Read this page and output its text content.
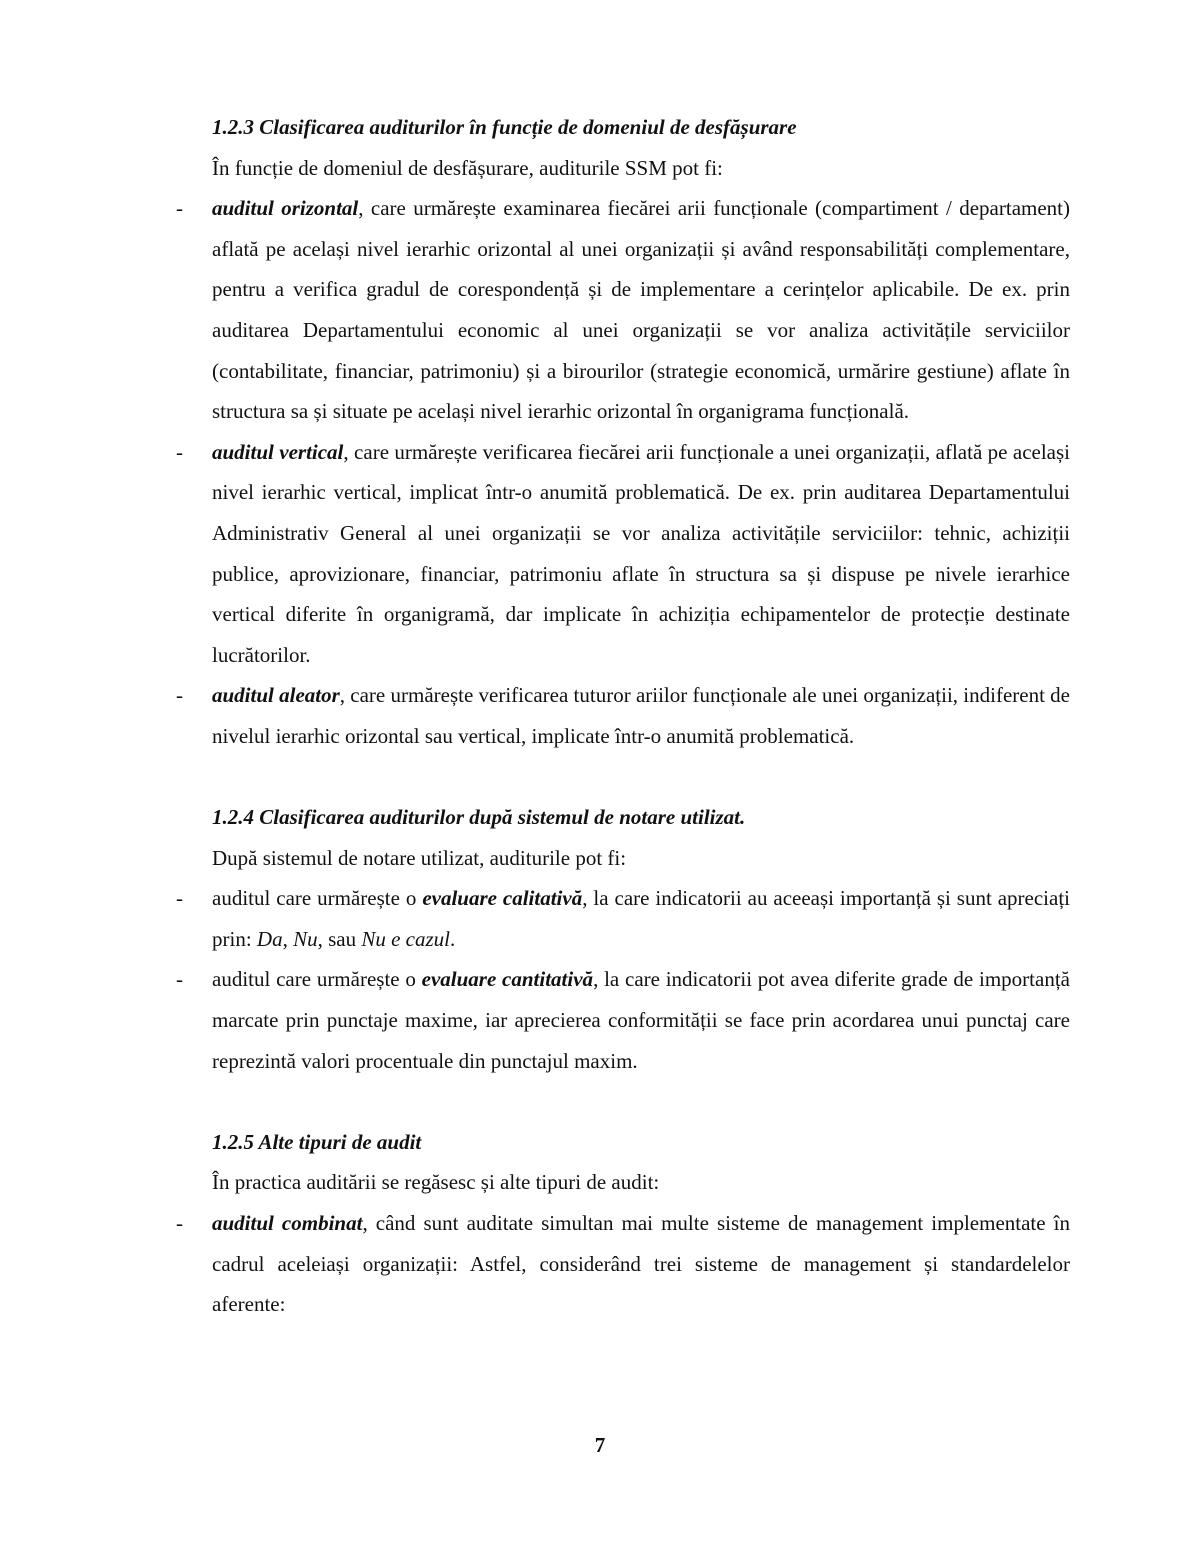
1.2.3 Clasificarea auditurilor în funcție de domeniul de desfășurare

În funcție de domeniul de desfășurare, auditurile SSM pot fi:

- auditul orizontal, care urmărește examinarea fiecărei arii funcționale (compartiment / departament) aflată pe același nivel ierarhic orizontal al unei organizații și având responsabilități complementare, pentru a verifica gradul de corespondență și de implementare a cerințelor aplicabile. De ex. prin auditarea Departamentului economic al unei organizații se vor analiza activitățile serviciilor (contabilitate, financiar, patrimoniu) și a birourilor (strategie economică, urmărire gestiune) aflate în structura sa și situate pe același nivel ierarhic orizontal în organigrama funcțională.

- auditul vertical, care urmărește verificarea fiecărei arii funcționale a unei organizații, aflată pe același nivel ierarhic vertical, implicat într-o anumită problematică. De ex. prin auditarea Departamentului Administrativ General al unei organizații se vor analiza activitățile serviciilor: tehnic, achiziții publice, aprovizionare, financiar, patrimoniu aflate în structura sa și dispuse pe nivele ierarhice vertical diferite în organigramă, dar implicate în achiziția echipamentelor de protecție destinate lucrătorilor.

- auditul aleator, care urmărește verificarea tuturor ariilor funcționale ale unei organizații, indiferent de nivelul ierarhic orizontal sau vertical, implicate într-o anumită problematică.

1.2.4 Clasificarea auditurilor după sistemul de notare utilizat.

După sistemul de notare utilizat, auditurile pot fi:

- auditul care urmărește o evaluare calitativă, la care indicatorii au aceeași importanță și sunt apreciați prin: Da, Nu, sau Nu e cazul.

- auditul care urmărește o evaluare cantitativă, la care indicatorii pot avea diferite grade de importanță marcate prin punctaje maxime, iar aprecierea conformității se face prin acordarea unui punctaj care reprezintă valori procentuale din punctajul maxim.

1.2.5 Alte tipuri de audit

În practica auditării se regăsesc și alte tipuri de audit:

- auditul combinat, când sunt auditate simultan mai multe sisteme de management implementate în cadrul aceleiași organizații: Astfel, considerând trei sisteme de management și standardelelor aferente:

7
